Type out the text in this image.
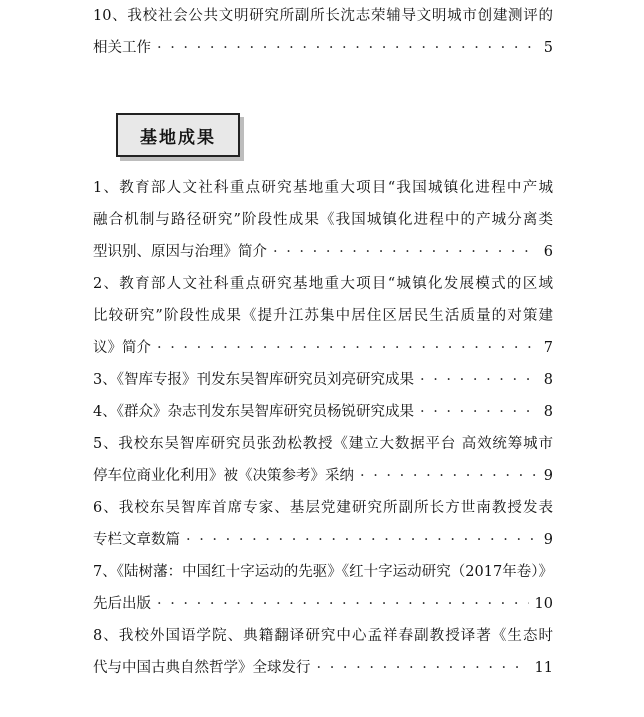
10、我校社会公共文明研究所副所长沈志荣辅导文明城市创建测评的
相关工作 · · ·	5
基地成果
1、教育部人文社科重点研究基地重大项目“我国城镇化进程中产城
融合机制与路径研究”阶段性成果《我国城镇化进程中的产城分离类
型识别、原因与治理》简介 · · ·	6
2、教育部人文社科重点研究基地重大项目“城镇化发展模式的区域
比较研究”阶段性成果《提升江苏集中居住区居民生活质量的对策建
议》简介 · · ·	7
3、《智库专报》刊发东吴智库研究员刘亮研究成果 · · ·	8
4、《群众》杂志刊发东吴智库研究员杨锐研究成果 · · ·	8
5、我校东吴智库研究员张劲松教授《建立大数据平台 高效统筹城市
停车位商业化利用》被《决策参考》采纳 · · ·	9
6、我校东吴智库首席专家、基层党建研究所副所长方世南教授发表
专栏文章数篇 · · ·	9
7、《陆树藩：中国红十字运动的先驱》《红十字运动研究（2017年卷）》
先后出版 · · ·	10
8、我校外国语学院、典籍翻译研究中心孟祥春副教授译著《生态时
代与中国古典自然哲学》全球发行 · · ·	11
